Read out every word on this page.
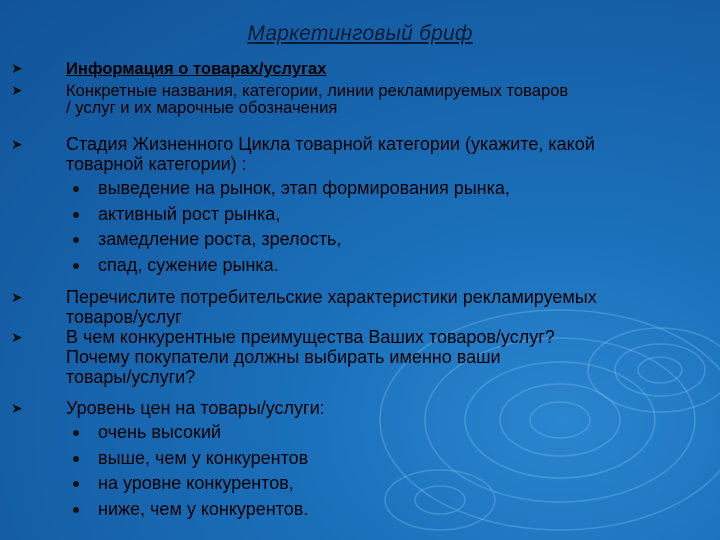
Маркетинговый бриф
➤	Информация о товарах/услугах
➤	Конкретные названия, категории, линии рекламируемых товаров
/ услуг и их марочные обозначения
➤ Стадия Жизненного Цикла товарной категории (укажите, какой
товарной категории) :
выведение на рынок, этап формирования рынка,
активный рост рынка,
замедление роста, зрелость,
спад, сужение рынка.
➤ Перечислите потребительские характеристики рекламируемых
товаров/услуг
➤ В чем конкурентные преимущества Ваших товаров/услуг?
Почему покупатели должны выбирать именно ваши
товары/услуги?
➤ Уровень цен на товары/услуги:
очень высокий
выше, чем у конкурентов
на уровне конкурентов,
ниже, чем у конкурентов.
